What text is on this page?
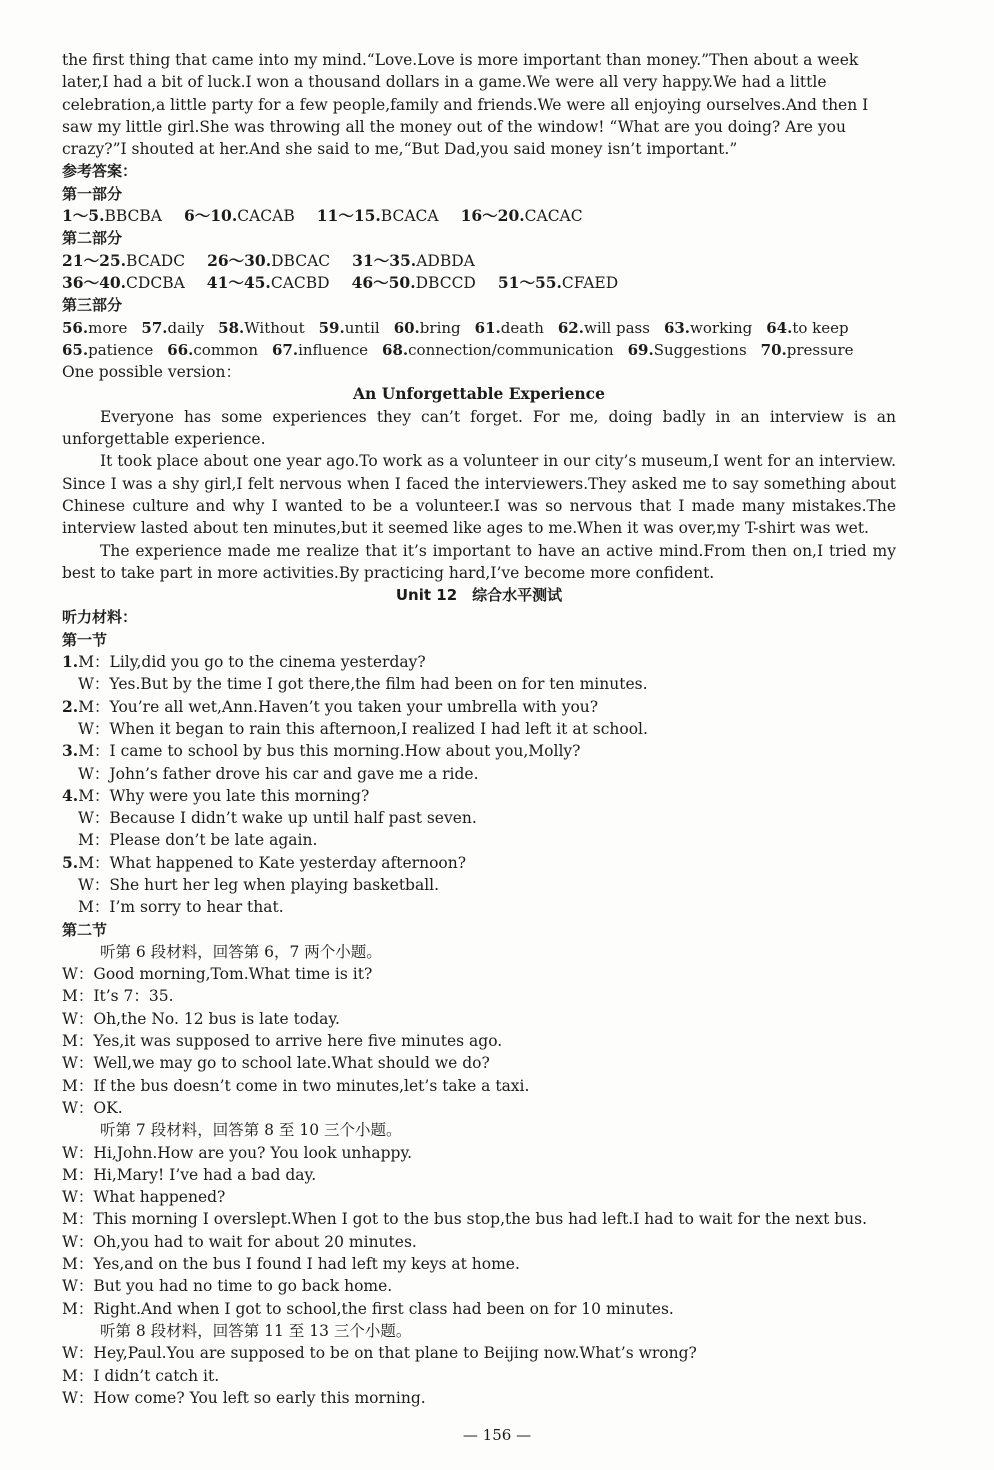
the first thing that came into my mind.“Love.Love is more important than money.”Then about a week

later,I had a bit of luck.I won a thousand dollars in a game.We were all very happy.We had a little

celebration,a little party for a few people,family and friends.We were all enjoying ourselves.And then I

saw my little girl.She was throwing all the money out of the window! “What are you doing? Are you

crazy?”I shouted at her.And she said to me,“But Dad,you said money isn’t important.”

参考答案：

第一部分

1～5.BBCBA 6～10.CACAB 11～15.BCACA 16～20.CACAC

第二部分

21～25.BCADC 26～30.DBCAC 31～35.ADBDA

36～40.CDCBA 41～45.CACBD 46～50.DBCCD 51～55.CFAED

第三部分

56.more 57.daily 58.Without 59.until 60.bring 61.death 62.will pass 63.working 64.to keep

65.patience 66.common 67.influence 68.connection/communication 69.Suggestions 70.pressure

One possible version：

An Unforgettable Experience

Everyone has some experiences they can’t forget. For me, doing badly in an interview is an unforgettable experience.

It took place about one year ago.To work as a volunteer in our city’s museum,I went for an interview. Since I was a shy girl,I felt nervous when I faced the interviewers.They asked me to say something about Chinese culture and why I wanted to be a volunteer.I was so nervous that I made many mistakes.The interview lasted about ten minutes,but it seemed like ages to me.When it was over,my T-shirt was wet.

The experience made me realize that it’s important to have an active mind.From then on,I tried my best to take part in more activities.By practicing hard,I’ve become more confident.

Unit 12　综合水平测试

听力材料：

第一节

1.M：Lily,did you go to the cinema yesterday?

W：Yes.But by the time I got there,the film had been on for ten minutes.

2.M：You’re all wet,Ann.Haven’t you taken your umbrella with you?

W：When it began to rain this afternoon,I realized I had left it at school.

3.M：I came to school by bus this morning.How about you,Molly?

W：John’s father drove his car and gave me a ride.

4.M：Why were you late this morning?

W：Because I didn’t wake up until half past seven.

M：Please don’t be late again.

5.M：What happened to Kate yesterday afternoon?

W：She hurt her leg when playing basketball.

M：I’m sorry to hear that.

第二节

听第 6 段材料，回答第 6，7 两个小题。

W：Good morning,Tom.What time is it?

M：It’s 7：35.

W：Oh,the No. 12 bus is late today.

M：Yes,it was supposed to arrive here five minutes ago.

W：Well,we may go to school late.What should we do?

M：If the bus doesn’t come in two minutes,let’s take a taxi.

W：OK.

听第 7 段材料，回答第 8 至 10 三个小题。

W：Hi,John.How are you? You look unhappy.

M：Hi,Mary! I’ve had a bad day.

W：What happened?

M：This morning I overslept.When I got to the bus stop,the bus had left.I had to wait for the next bus.

W：Oh,you had to wait for about 20 minutes.

M：Yes,and on the bus I found I had left my keys at home.

W：But you had no time to go back home.

M：Right.And when I got to school,the first class had been on for 10 minutes.

听第 8 段材料，回答第 11 至 13 三个小题。

W：Hey,Paul.You are supposed to be on that plane to Beijing now.What’s wrong?

M：I didn’t catch it.

W：How come? You left so early this morning.

— 156 —
